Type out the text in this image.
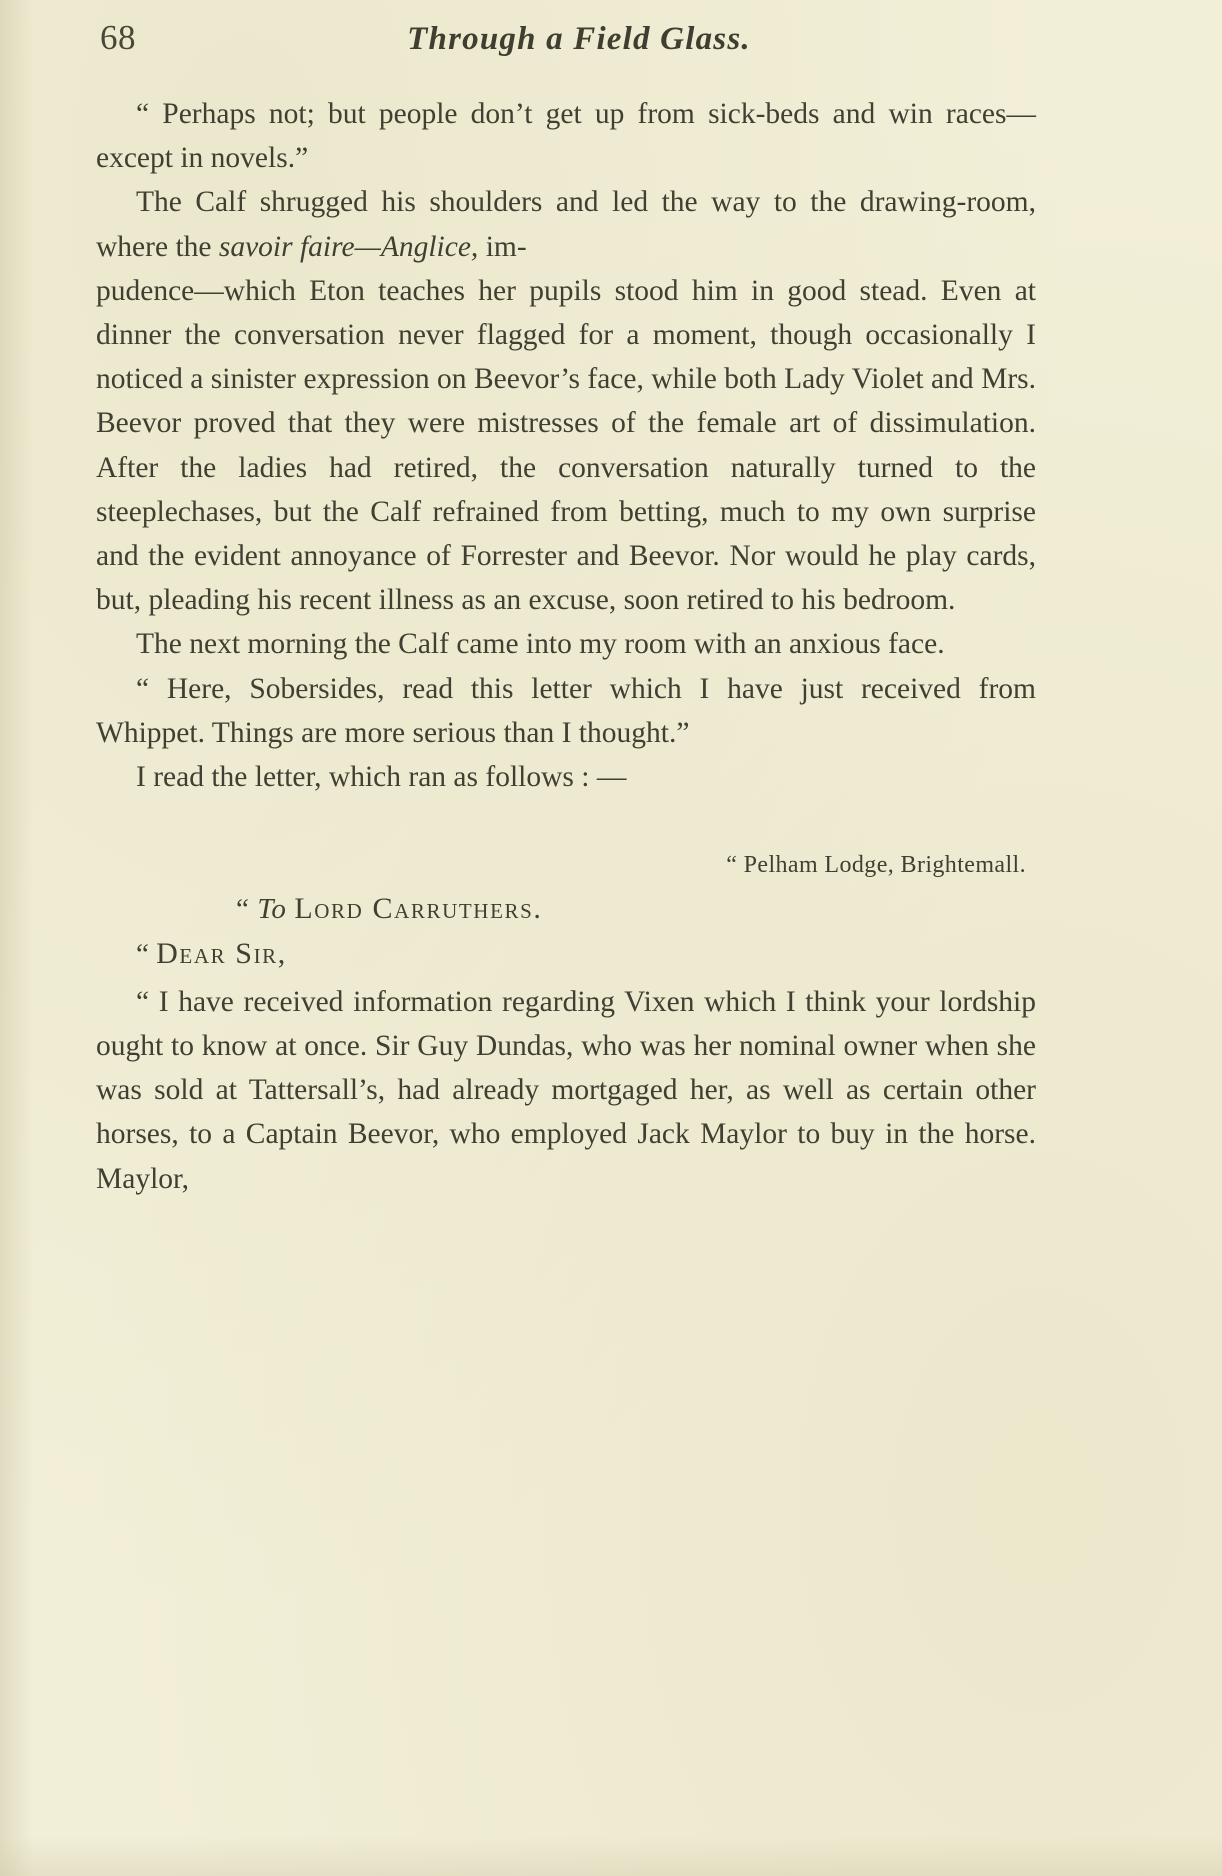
68	Through a Field Glass.

“ Perhaps not; but people don’t get up from sick-beds and win races—except in novels.”

The Calf shrugged his shoulders and led the way to the drawing-room, where the savoir faire—Anglice, im-

pudence—which Eton teaches her pupils stood him in good stead. Even at dinner the conversation never flagged for a moment, though occasionally I noticed a sinister expression on Beevor’s face, while both Lady Violet and Mrs. Beevor proved that they were mistresses of the female art of dissimulation. After the ladies had retired, the conversation naturally turned to the steeplechases, but the Calf refrained from betting, much to my own surprise and the evident annoyance of Forrester and Beevor. Nor would he play cards, but, pleading his recent illness as an excuse, soon retired to his bedroom.

The next morning the Calf came into my room with an anxious face.

“ Here, Sobersides, read this letter which I have just received from Whippet. Things are more serious than I thought.”

I read the letter, which ran as follows : —

“ Pelham Lodge, Brightemall.

“ To Lord Carruthers.

“ Dear Sir,

“ I have received information regarding Vixen which I think your lordship ought to know at once. Sir Guy Dundas, who was her nominal owner when she was sold at Tattersall’s, had already mortgaged her, as well as certain other horses, to a Captain Beevor, who employed Jack Maylor to buy in the horse. Maylor,
